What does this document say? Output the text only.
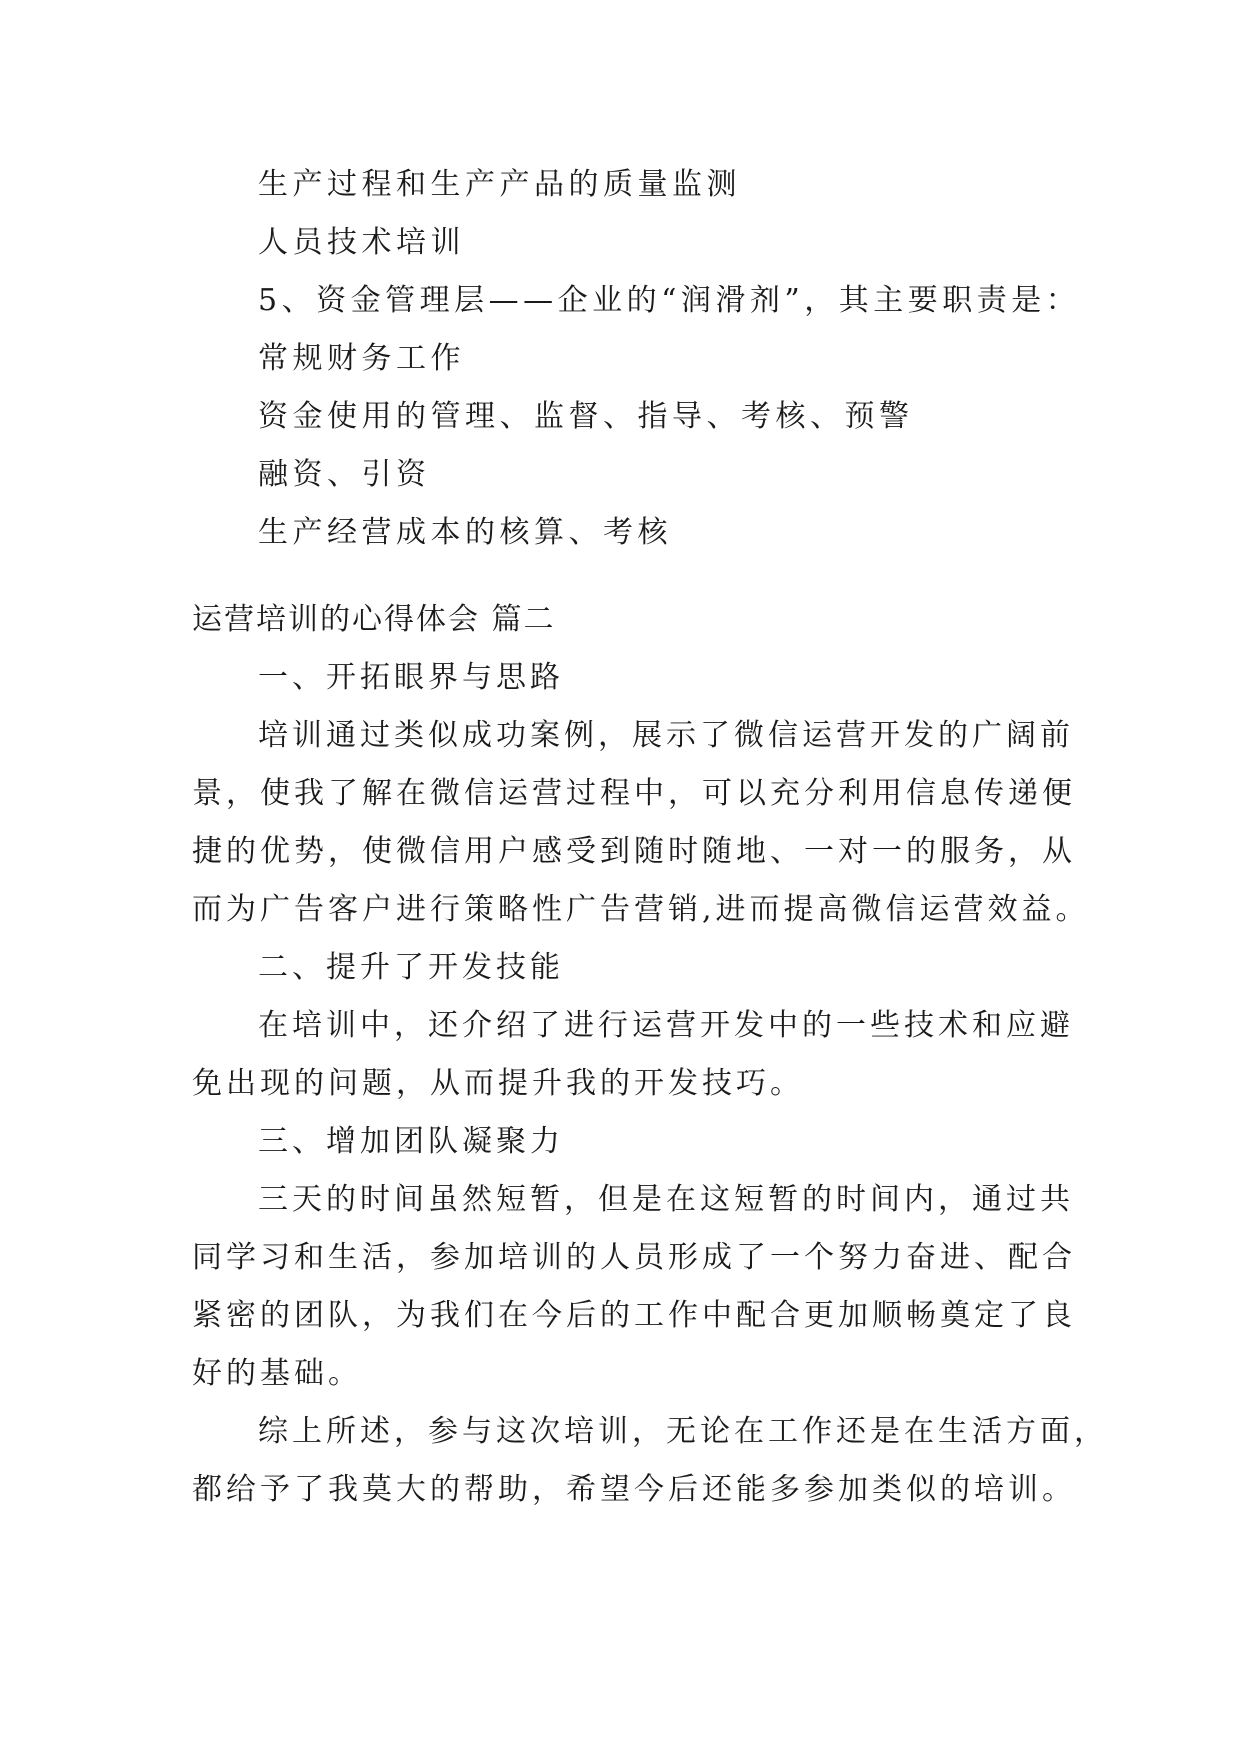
生产过程和生产产品的质量监测
人员技术培训
5、资金管理层——企业的“润滑剂”，其主要职责是：
常规财务工作
资金使用的管理、监督、指导、考核、预警
融资、引资
生产经营成本的核算、考核
运营培训的心得体会 篇二
一、开拓眼界与思路
培训通过类似成功案例，展示了微信运营开发的广阔前
景，使我了解在微信运营过程中，可以充分利用信息传递便
捷的优势，使微信用户感受到随时随地、一对一的服务，从
而为广告客户进行策略性广告营销,进而提高微信运营效益。
二、提升了开发技能
在培训中，还介绍了进行运营开发中的一些技术和应避
免出现的问题，从而提升我的开发技巧。
三、增加团队凝聚力
三天的时间虽然短暂，但是在这短暂的时间内，通过共
同学习和生活，参加培训的人员形成了一个努力奋进、配合
紧密的团队，为我们在今后的工作中配合更加顺畅奠定了良
好的基础。
综上所述，参与这次培训，无论在工作还是在生活方面，
都给予了我莫大的帮助，希望今后还能多参加类似的培训。
